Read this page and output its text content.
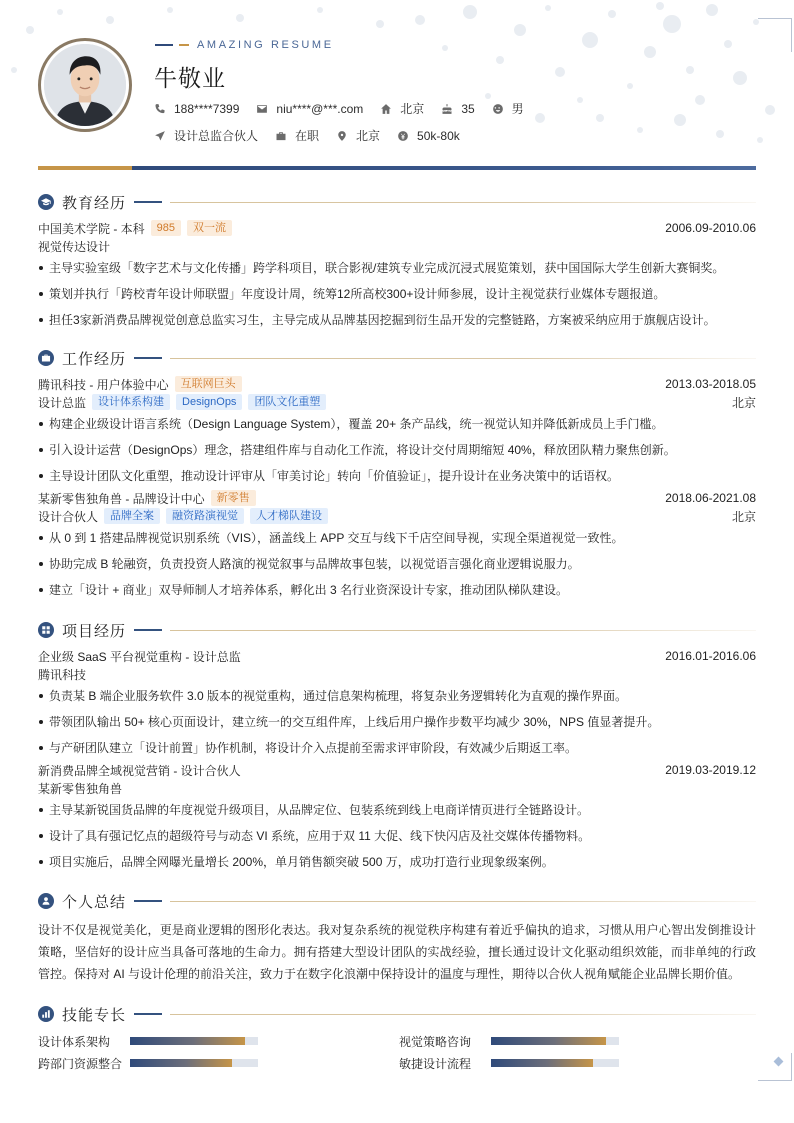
AMAZING RESUME
牛敬业
188****7399	niu****@***.com	北京	35	男
设计总监合伙人	在职	北京	50k-80k
教育经历
中国美术学院 - 本科	985	双一流	2006.09-2010.06
视觉传达设计
主导实验室级「数字艺术与文化传播」跨学科项目，联合影视/建筑专业完成沉浸式展览策划，获中国国际大学生创新大赛铜奖。
策划并执行「跨校青年设计师联盟」年度设计周，统筹12所高校300+设计师参展，设计主视觉获行业媒体专题报道。
担任3家新消费品牌视觉创意总监实习生，主导完成从品牌基因挖掘到衍生品开发的完整链路，方案被采纳应用于旗舰店设计。
工作经历
腾讯科技 - 用户体验中心	互联网巨头	2013.03-2018.05
设计总监	设计体系构建	DesignOps	团队文化重塑	北京
构建企业级设计语言系统（Design Language System），覆盖 20+ 条产品线，统一视觉认知并降低新成员上手门槛。
引入设计运营（DesignOps）理念，搭建组件库与自动化工作流，将设计交付周期缩短 40%，释放团队精力聚焦创新。
主导设计团队文化重塑，推动设计评审从「审美讨论」转向「价值验证」，提升设计在业务决策中的话语权。
某新零售独角兽 - 品牌设计中心	新零售	2018.06-2021.08
设计合伙人	品牌全案	融资路演视觉	人才梯队建设	北京
从 0 到 1 搭建品牌视觉识别系统（VIS），涵盖线上 APP 交互与线下千店空间导视，实现全渠道视觉一致性。
协助完成 B 轮融资，负责投资人路演的视觉叙事与品牌故事包装，以视觉语言强化商业逻辑说服力。
建立「设计 + 商业」双导师制人才培养体系，孵化出 3 名行业资深设计专家，推动团队梯队建设。
项目经历
企业级 SaaS 平台视觉重构 - 设计总监	2016.01-2016.06
腾讯科技
负责某 B 端企业服务软件 3.0 版本的视觉重构，通过信息架构梳理，将复杂业务逻辑转化为直观的操作界面。
带领团队输出 50+ 核心页面设计，建立统一的交互组件库，上线后用户操作步数平均减少 30%，NPS 值显著提升。
与产研团队建立「设计前置」协作机制，将设计介入点提前至需求评审阶段，有效减少后期返工率。
新消费品牌全域视觉营销 - 设计合伙人	2019.03-2019.12
某新零售独角兽
主导某新锐国货品牌的年度视觉升级项目，从品牌定位、包装系统到线上电商详情页进行全链路设计。
设计了具有强记忆点的超级符号与动态 VI 系统，应用于双 11 大促、线下快闪店及社交媒体传播物料。
项目实施后，品牌全网曝光量增长 200%，单月销售额突破 500 万，成功打造行业现象级案例。
个人总结

设计不仅是视觉美化，更是商业逻辑的图形化表达。我对复杂系统的视觉秩序构建有着近乎偏执的追求，习惯从用户心智出发倒推设计策略，坚信好的设计应当具备可落地的生命力。拥有搭建大型设计团队的实战经验，擅长通过设计文化驱动组织效能，而非单纯的行政管控。保持对 AI 与设计伦理的前沿关注，致力于在数字化浪潮中保持设计的温度与理性，期待以合伙人视角赋能企业品牌长期价值。

技能专长
设计体系架构	视觉策略咨询
跨部门资源整合	敏捷设计流程
